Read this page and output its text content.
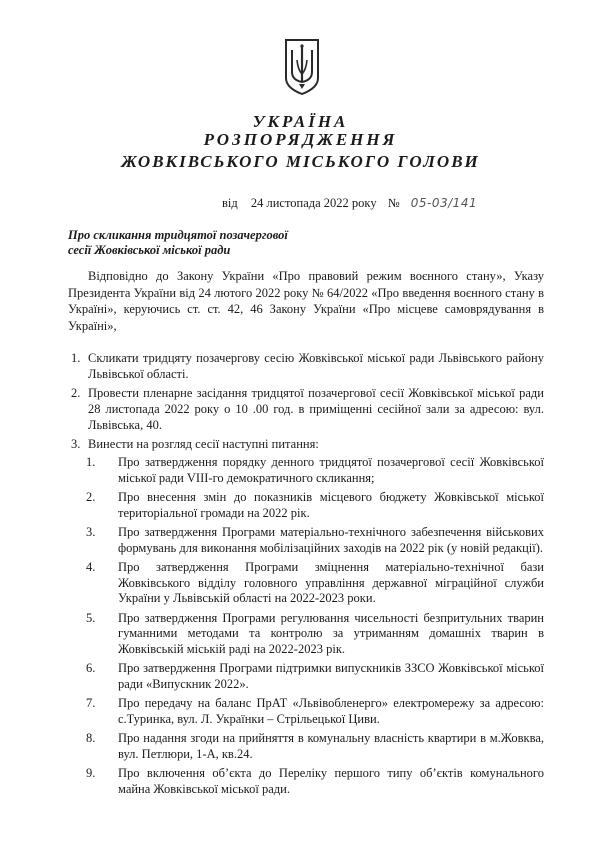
УКРАЇНА
РОЗПОРЯДЖЕННЯ
ЖОВКІВСЬКОГО МІСЬКОГО ГОЛОВИ
від 24 листопада 2022 року № 05-03/141
Про скликання тридцятої позачергової
сесії Жовківської міської ради
Відповідно до Закону України «Про правовий режим воєнного стану», Указу Президента України від 24 лютого 2022 року № 64/2022 «Про введення воєнного стану в Україні», керуючись ст. ст. 42, 46 Закону України «Про місцеве самоврядування в Україні»,
1. Скликати тридцяту позачергову сесію Жовківської міської ради Львівського району Львівської області.
2. Провести пленарне засідання тридцятої позачергової сесії Жовківської міської ради 28 листопада 2022 року о 10 .00 год. в приміщенні сесійної зали за адресою: вул. Львівська, 40.
3. Винести на розгляд сесії наступні питання:
1. Про затвердження порядку денного тридцятої позачергової сесії Жовківської міської ради VIII-го демократичного скликання;
2. Про внесення змін до показників місцевого бюджету Жовківської міської територіальної громади на 2022 рік.
3. Про затвердження Програми матеріально-технічного забезпечення військових формувань для виконання мобілізаційних заходів на 2022 рік (у новій редакції).
4. Про затвердження Програми зміцнення матеріально-технічної бази Жовківського відділу головного управління державної міграційної служби України у Львівській області на 2022-2023 роки.
5. Про затвердження Програми регулювання чисельності безпритульних тварин гуманними методами та контролю за утриманням домашніх тварин в Жовківській міській раді на 2022-2023 рік.
6. Про затвердження Програми підтримки випускників ЗЗСО Жовківської міської ради «Випускник 2022».
7. Про передачу на баланс ПрАТ «Львівобленерго» електромережу за адресою: с.Туринка, вул. Л. Українки – Стрільецької Циви.
8. Про надання згоди на прийняття в комунальну власність квартири в м.Жовква, вул. Петлюри, 1-А, кв.24.
9. Про включення об’єкта до Переліку першого типу об’єктів комунального майна Жовківської міської ради.
